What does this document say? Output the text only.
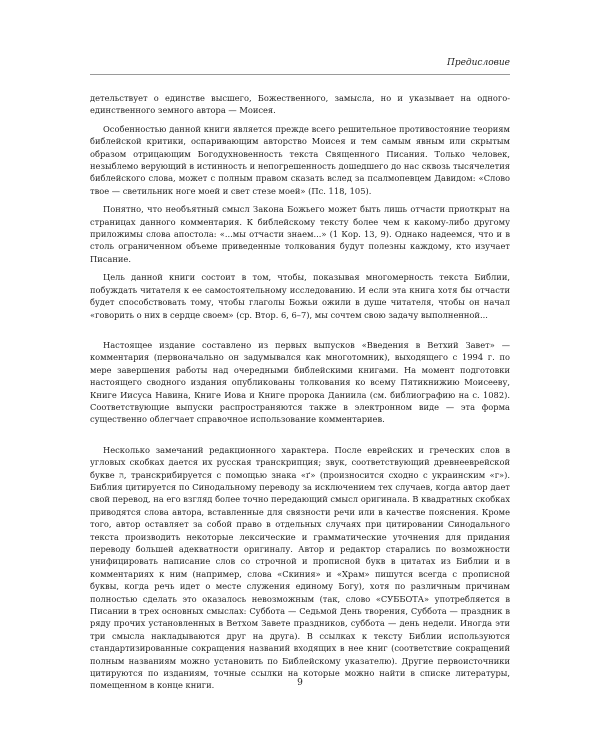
Предисловие

детельствует о единстве высшего, Божественного, замысла, но и указывает на одного-единственного земного автора — Моисея.

Особенностью данной книги является прежде всего решительное противостояние теориям библейской критики, оспаривающим авторство Моисея и тем самым явным или скрытым образом отрицающим Богодухновенность текста Священного Писания. Только человек, незыблемо верующий в истинность и непогрешенность дошедшего до нас сквозь тысячелетия библейского слова, может с полным правом сказать вслед за псалмопевцем Давидом: «Слово твое — светильник ноге моей и свет стезе моей» (Пс. 118, 105).

Понятно, что необъятный смысл Закона Божьего может быть лишь отчасти приоткрыт на страницах данного комментария. К библейскому тексту более чем к какому-либо другому приложимы слова апостола: «...мы отчасти знаем...» (1 Кор. 13, 9). Однако надеемся, что и в столь ограниченном объеме приведенные толкования будут полезны каждому, кто изучает Писание.

Цель данной книги состоит в том, чтобы, показывая многомерность текста Библии, побуждать читателя к ее самостоятельному исследованию. И если эта книга хотя бы отчасти будет способствовать тому, чтобы глаголы Божьи ожили в душе читателя, чтобы он начал «говорить о них в сердце своем» (ср. Втор. 6, 6–7), мы сочтем свою задачу выполненной...

Настоящее издание составлено из первых выпусков «Введения в Ветхий Завет» — комментария (первоначально он задумывался как многотомник), выходящего с 1994 г. по мере завершения работы над очередными библейскими книгами. На момент подготовки настоящего сводного издания опубликованы толкования ко всему Пятикнижию Моисееву, Книге Иисуса Навина, Книге Иова и Книге пророка Даниила (см. библиографию на с. 1082). Соответствующие выпуски распространяются также в электронном виде — эта форма существенно облегчает справочное использование комментариев.

Несколько замечаний редакционного характера. После еврейских и греческих слов в угловых скобках дается их русская транскрипция; звук, соответствующий древнееврейской букве ה, транскрибируется с помощью знака «ґ» (произносится сходно с украинским «г»). Библия цитируется по Синодальному переводу за исключением тех случаев, когда автор дает свой перевод, на его взгляд более точно передающий смысл оригинала. В квадратных скобках приводятся слова автора, вставленные для связности речи или в качестве пояснения. Кроме того, автор оставляет за собой право в отдельных случаях при цитировании Синодального текста производить некоторые лексические и грамматические уточнения для придания переводу большей адекватности оригиналу. Автор и редактор старались по возможности унифицировать написание слов со строчной и прописной букв в цитатах из Библии и в комментариях к ним (например, слова «Скиния» и «Храм» пишутся всегда с прописной буквы, когда речь идет о месте служения единому Богу), хотя по различным причинам полностью сделать это оказалось невозможным (так, слово «СУББОТА» употребляется в Писании в трех основных смыслах: Суббота — Седьмой День творения, Суббота — праздник в ряду прочих установленных в Ветхом Завете праздников, суббота — день недели. Иногда эти три смысла накладываются друг на друга). В ссылках к тексту Библии используются стандартизированные сокращения названий входящих в нее книг (соответствие сокращений полным названиям можно установить по Библейскому указателю). Другие первоисточники цитируются по изданиям, точные ссылки на которые можно найти в списке литературы, помещенном в конце книги.	9
